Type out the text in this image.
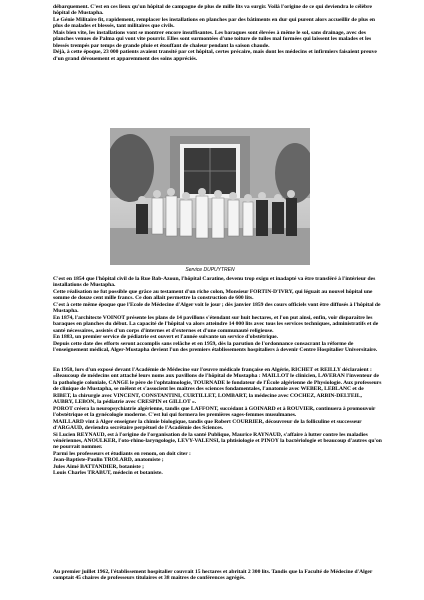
débarquement. C'est en ces lieux qu'un hôpital de campagne de plus de mille lits va surgir. Voilà l'origine de ce qui deviendra le célèbre hôpital de Mustapha.

Le Génie Militaire fit, rapidement, remplacer les installations en planches par des bâtiments en dur qui purent alors accueillir de plus en plus de malades et blessés, tant militaires que civils.

Mais bien vite, les installations vont se montrer encore insuffisantes. Les baraques sont élevées à même le sol, sans drainage, avec des planches venues de Palma qui vont vite pourrir. Elles sont surmontées d'une toiture de tuiles mal formées qui laissent les malades et les blessés trempés par temps de grande pluie et étouffant de chaleur pendant la saison chaude.

Déjà, à cette époque, 23 000 patients avaient transité par cet hôpital, certes précaire, mais dont les médecins et infirmiers faisaient preuve d'un grand dévouement et apparemment des soins appréciés.

Service DUPUYTREN

C'est en 1854 que l'hôpital civil de la Rue Bab-Azoun, l'hôpital Caratine, devenu trop exigu et inadapté va être transféré à l'intérieur des installations de Mustapha.

Cette réalisation ne fut possible que grâce au testament d'un riche colon, Monsieur FORTIN-D'IVRY, qui léguait au nouvel hôpital une somme de douze cent mille francs. Ce don allait permettre la construction de 600 lits.

C'est à cette même époque que l'Ecole de Médecine d'Alger voit le jour ; dès janvier 1859 des cours officiels vont être diffusés à l'hôpital de Mustapha.

En 1874, l'architecte VOINOT présente les plans de 14 pavillons s'étendant sur huit hectares, et l'on put ainsi, enfin, voir disparaître les baraques en planches du début. La capacité de l'hôpital va alors atteindre 14 000 lits avec tous les services techniques, administratifs et de santé nécessaires, assistés d'un corps d'internes et d'externes et d'une communauté religieuse.

En 1883, un premier service de pédiatrie est ouvert et l'année suivante un service d'obstétrique.

Depuis cette date des efforts seront accomplis sans relâche et en 1959, dès la parution de l'ordonnance consacrant la réforme de l'enseignement médical, Alger-Mustapha devient l'un des premiers établissements hospitaliers à devenir Centre Hospitalier Universitaire.

En 1958, lors d'un exposé devant l'Académie de Médecine sur l'œuvre médicale française en Algérie, RICHET et REILLY déclaraient :

«Beaucoup de médecins ont attaché leurs noms aux pavillons de l'hôpital de Mustapha : MAILLOT le clinicien, LAVERAN l'inventeur de la pathologie coloniale, CANGE le père de l'ophtalmologie, TOURNADE le fondateur de l'École algérienne de Physiologie. Aux professeurs de clinique de Mustapha, se mêlent et s'associent les maîtres des sciences fondamentales, l'anatomie avec WEBER, LEBLANC et de RIBET, la chirurgie avec VINCENT, CONSTANTINI, CURTILLET, LOMBART, la médecine avec COCHEZ, ARBIN-DELTEIL, AUBRY, LEBON, la pédiatrie avec CRESPIN et GILLOT ».

POROT créera la neuropsychiatrie algérienne, tandis que LAFFONT, succédant à GOINARD et à ROUVIER, continuera à promouvoir l'obstétrique et la gynécologie moderne. C'est lui qui formera les premières sages-femmes musulmanes.

MAILLARD vint à Alger enseigner la chimie biologique, tandis que Robert COURRIER, découvreur de la folliculine et successeur d'ARGAUD, deviendra secrétaire perpétuel de l'Académie des Sciences.

Si Lucien REYNAUD, est à l'origine de l'organisation de la santé Publique, Maurice RAYNAUD, s'affaire à lutter contre les maladies vénériennes, ANOULKER, l'oto-rhino-laryngologie, LEVY-VALENSI, la phtisiologie et PINOY la bactériologie et beaucoup d'autres qu'on ne pourrait nommer.

Parmi les professeurs et étudiants en renom, on doit citer :

Jean-Baptiste-Paulin TROLARD, anatomiste ;

Jules Aimé BATTANDIER, botaniste ;

Louis Charles TRABUT, médecin et botaniste.

Au premier juillet 1962, l'établissement hospitalier couvrait 15 hectares et abritait 2 300 lits. Tandis que la Faculté de Médecine d'Alger comptait 45 chaires de professeurs titulaires et 38 maîtres de conférences agrégés.
